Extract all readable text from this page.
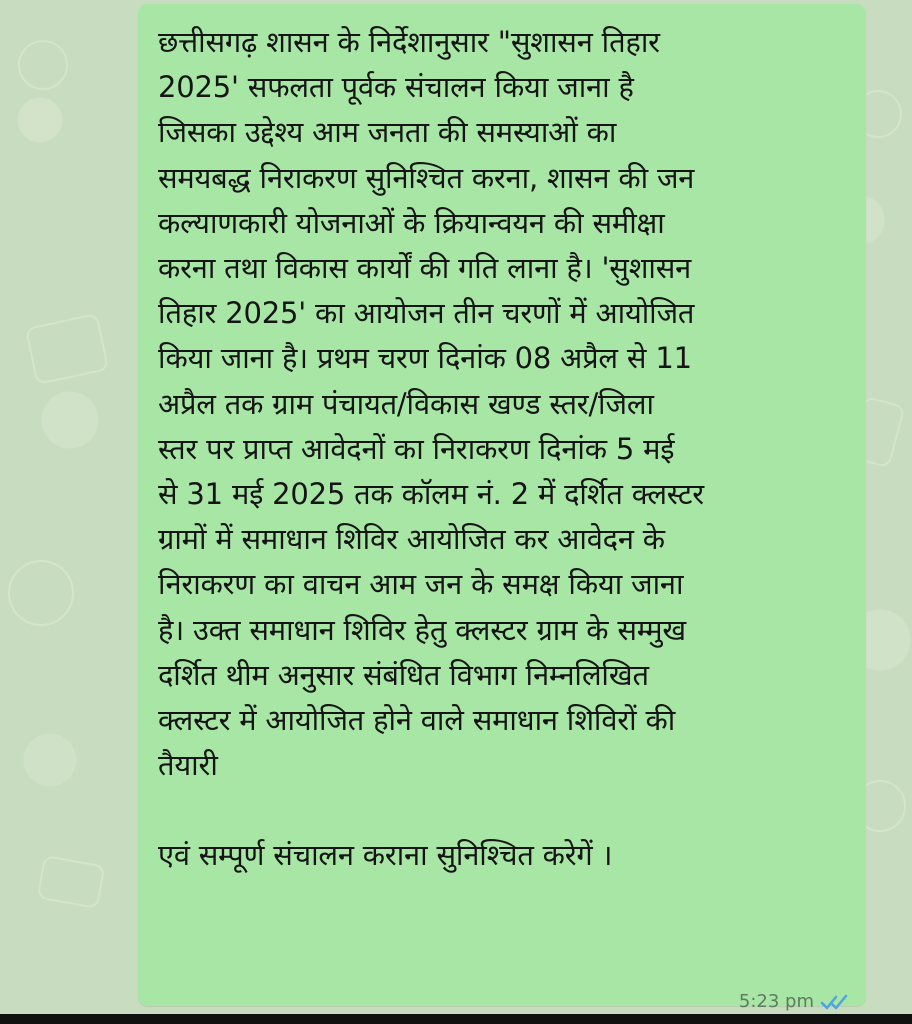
छत्तीसगढ़ शासन के निर्देशानुसार "सुशासन तिहार
2025' सफलता पूर्वक संचालन किया जाना है
जिसका उद्देश्य आम जनता की समस्याओं का
समयबद्ध निराकरण सुनिश्चित करना, शासन की जन
कल्याणकारी योजनाओं के क्रियान्वयन की समीक्षा
करना तथा विकास कार्यों की गति लाना है। 'सुशासन
तिहार 2025' का आयोजन तीन चरणों में आयोजित
किया जाना है। प्रथम चरण दिनांक 08 अप्रैल से 11
अप्रैल तक ग्राम पंचायत/विकास खण्ड स्तर/जिला
स्तर पर प्राप्त आवेदनों का निराकरण दिनांक 5 मई
से 31 मई 2025 तक कॉलम नं. 2 में दर्शित क्लस्टर
ग्रामों में समाधान शिविर आयोजित कर आवेदन के
निराकरण का वाचन आम जन के समक्ष किया जाना
है। उक्त समाधान शिविर हेतु क्लस्टर ग्राम के सम्मुख
दर्शित थीम अनुसार संबंधित विभाग निम्नलिखित
क्लस्टर में आयोजित होने वाले समाधान शिविरों की
तैयारी
एवं सम्पूर्ण संचालन कराना सुनिश्चित करेगें ।
5:23 pm
